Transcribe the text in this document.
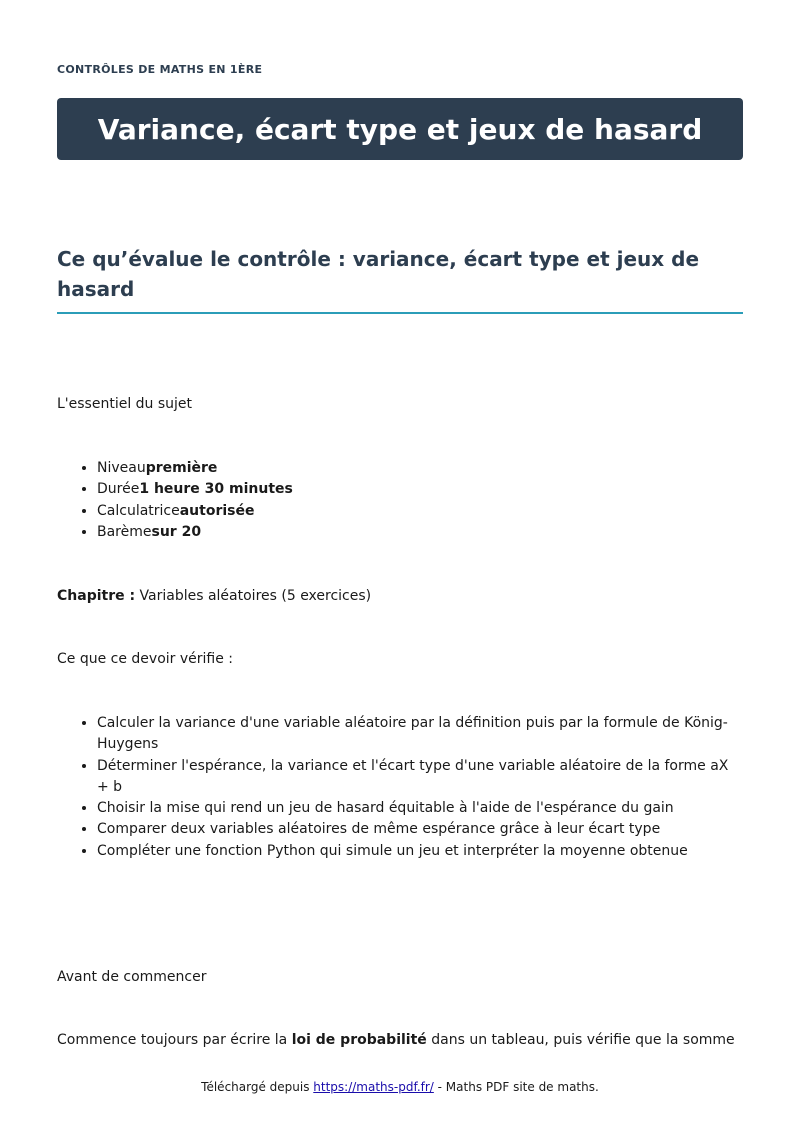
CONTRÔLES DE MATHS EN 1ÈRE
Variance, écart type et jeux de hasard
Ce qu’évalue le contrôle : variance, écart type et jeux de hasard

L'essentiel du sujet

• Niveaupremière
• Durée1 heure 30 minutes
• Calculatriceautorisée
• Barèmesur 20

Chapitre : Variables aléatoires (5 exercices)

Ce que ce devoir vérifie :

• Calculer la variance d'une variable aléatoire par la définition puis par la formule de König-Huygens
• Déterminer l'espérance, la variance et l'écart type d'une variable aléatoire de la forme aX + b
• Choisir la mise qui rend un jeu de hasard équitable à l'aide de l'espérance du gain
• Comparer deux variables aléatoires de même espérance grâce à leur écart type
• Compléter une fonction Python qui simule un jeu et interpréter la moyenne obtenue

Avant de commencer

Commence toujours par écrire la loi de probabilité dans un tableau, puis vérifie que la somme

Téléchargé depuis https://maths-pdf.fr/ - Maths PDF site de maths.
